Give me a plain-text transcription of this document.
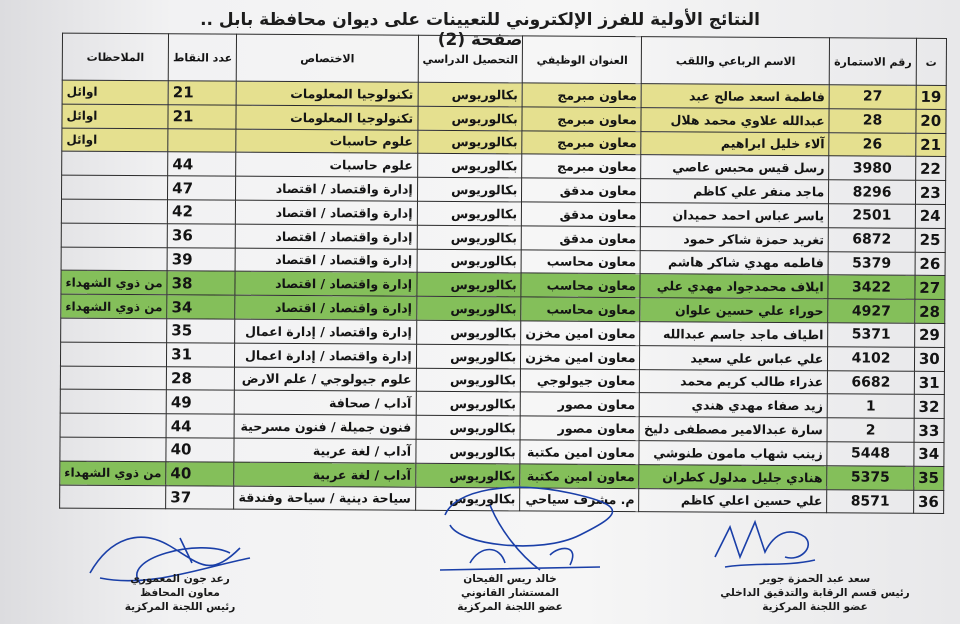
النتائج الأولية للفرز الإلكتروني للتعيينات على ديوان محافظة بابل .. صفحة (2)
ت	رقم الاستمارة	الاسم الرباعي واللقب	العنوان الوظيفي	التحصيل الدراسي	الاختصاص	عدد النقاط	الملاحظات
19	27	فاطمة اسعد صالح عبد	معاون مبرمج	بكالوريوس	تكنولوجيا المعلومات	21	اوائل
20	28	عبدالله علاوي محمد هلال	معاون مبرمج	بكالوريوس	تكنولوجيا المعلومات	21	اوائل
21	26	آلاء خليل ابراهيم	معاون مبرمج	بكالوريوس	علوم حاسبات		اوائل
22	3980	رسل قيس محبس عاصي	معاون مبرمج	بكالوريوس	علوم حاسبات	44	
23	8296	ماجد منفر علي كاظم	معاون مدقق	بكالوريوس	إدارة واقتصاد / اقتصاد	47	
24	2501	ياسر عباس احمد حميدان	معاون مدقق	بكالوريوس	إدارة واقتصاد / اقتصاد	42	
25	6872	تغريد حمزة شاكر حمود	معاون مدقق	بكالوريوس	إدارة واقتصاد / اقتصاد	36	
26	5379	فاطمه مهدي شاكر هاشم	معاون محاسب	بكالوريوس	إدارة واقتصاد / اقتصاد	39	
27	3422	ايلاف محمدجواد مهدي علي	معاون محاسب	بكالوريوس	إدارة واقتصاد / اقتصاد	38	من ذوي الشهداء
28	4927	حوراء علي حسين علوان	معاون محاسب	بكالوريوس	إدارة واقتصاد / اقتصاد	34	من ذوي الشهداء
29	5371	اطياف ماجد جاسم عبدالله	معاون امين مخزن	بكالوريوس	إدارة واقتصاد / إدارة اعمال	35	
30	4102	علي عباس علي سعيد	معاون امين مخزن	بكالوريوس	إدارة واقتصاد / إدارة اعمال	31	
31	6682	عذراء طالب كريم محمد	معاون جيولوجي	بكالوريوس	علوم جيولوجي / علم الارض	28	
32	1	زيد صفاء مهدي هندي	معاون مصور	بكالوريوس	آداب / صحافة	49	
33	2	سارة عبدالامير مصطفى دليخ	معاون مصور	بكالوريوس	فنون جميلة / فنون مسرحية	44	
34	5448	زينب شهاب مامون طنوشي	معاون امين مكتبة	بكالوريوس	آداب / لغة عربية	40	
35	5375	هنادي جليل مدلول كطران	معاون امين مكتبة	بكالوريوس	آداب / لغة عربية	40	من ذوي الشهداء
36	8571	علي حسين اعلي كاظم	م. مشرف سياحي	بكالوريوس	سياحة دينية / سياحة وفندقة	37	
رعد جون المعموري
معاون المحافظ
رئيس اللجنة المركزية
خالد ريس الفيحان
المستشار القانوني
عضو اللجنة المركزية
سعد عبد الحمزة جوير
رئيس قسم الرقابة والتدقيق الداخلي
عضو اللجنة المركزية
